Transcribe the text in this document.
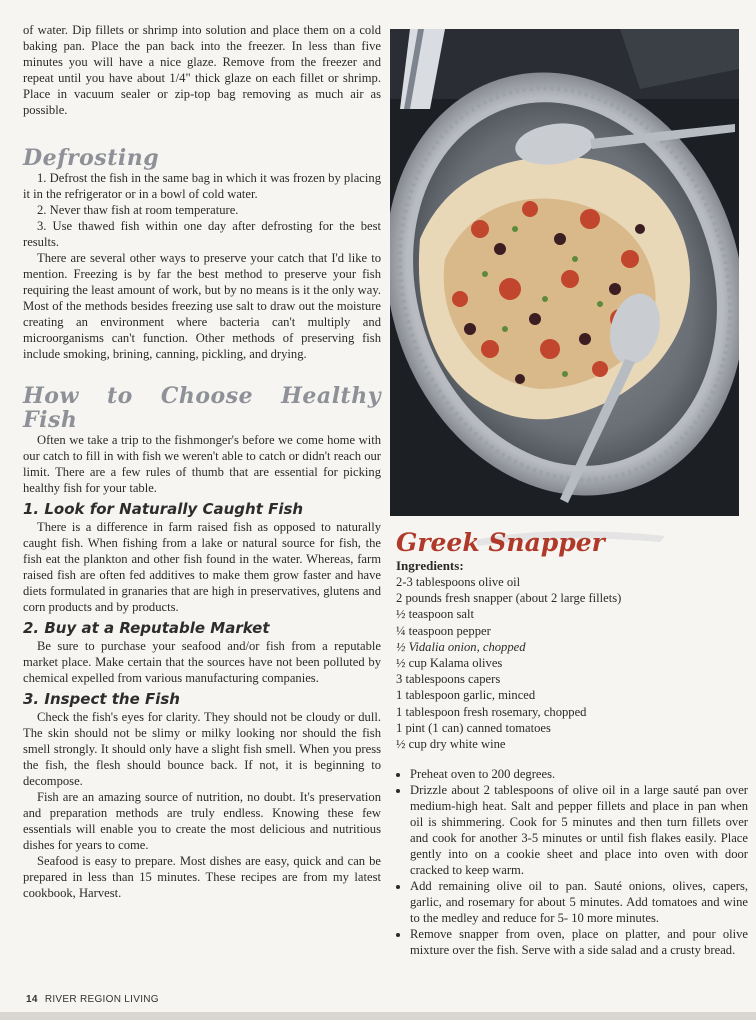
of water. Dip fillets or shrimp into solution and place them on a cold baking pan. Place the pan back into the freezer. In less than five minutes you will have a nice glaze. Remove from the freezer and repeat until you have about 1/4" thick glaze on each fillet or shrimp. Place in vacuum sealer or zip-top bag removing as much air as possible.

Defrosting

1. Defrost the fish in the same bag in which it was frozen by placing it in the refrigerator or in a bowl of cold water.

2. Never thaw fish at room temperature.

3. Use thawed fish within one day after defrosting for the best results.

There are several other ways to preserve your catch that I'd like to mention. Freezing is by far the best method to preserve your fish requiring the least amount of work, but by no means is it the only way. Most of the methods besides freezing use salt to draw out the moisture creating an environment where bacteria can't multiply and microorganisms can't function. Other methods of preserving fish include smoking, brining, canning, pickling, and drying.

How to Choose Healthy Fish

Often we take a trip to the fishmonger's before we come home with our catch to fill in with fish we weren't able to catch or didn't reach our limit. There are a few rules of thumb that are essential for picking healthy fish for your table.

1. Look for Naturally Caught Fish

There is a difference in farm raised fish as opposed to naturally caught fish. When fishing from a lake or natural source for fish, the fish eat the plankton and other fish found in the water. Whereas, farm raised fish are often fed additives to make them grow faster and have diets formulated in granaries that are high in preservatives, glutens and corn products and by products.

2. Buy at a Reputable Market

Be sure to purchase your seafood and/or fish from a reputable market place. Make certain that the sources have not been polluted by chemical expelled from various manufacturing companies.

3. Inspect the Fish

Check the fish's eyes for clarity. They should not be cloudy or dull. The skin should not be slimy or milky looking nor should the fish smell strongly. It should only have a slight fish smell. When you press the fish, the flesh should bounce back. If not, it is beginning to decompose.

Fish are an amazing source of nutrition, no doubt. It's preservation and preparation methods are truly endless. Knowing these few essentials will enable you to create the most delicious and nutritious dishes for years to come.

Seafood is easy to prepare. Most dishes are easy, quick and can be prepared in less than 15 minutes. These recipes are from my latest cookbook, Harvest.

Greek Snapper

Ingredients:

2-3 tablespoons olive oil
2 pounds fresh snapper (about 2 large fillets)
½ teaspoon salt
¼ teaspoon pepper
½ Vidalia onion, chopped
½ cup Kalama olives
3 tablespoons capers
1 tablespoon garlic, minced
1 tablespoon fresh rosemary, chopped
1 pint (1 can) canned tomatoes
½ cup dry white wine
• Preheat oven to 200 degrees.
• Drizzle about 2 tablespoons of olive oil in a large sauté pan over medium-high heat. Salt and pepper fillets and place in pan when oil is shimmering. Cook for 5 minutes and then turn fillets over and cook for another 3-5 minutes or until fish flakes easily. Place gently into on a cookie sheet and place into oven with door cracked to keep warm.
• Add remaining olive oil to pan. Sauté onions, olives, capers, garlic, and rosemary for about 5 minutes. Add tomatoes and wine to the medley and reduce for 5- 10 more minutes.
• Remove snapper from oven, place on platter, and pour olive mixture over the fish. Serve with a side salad and a crusty bread.
14 RIVER REGION LIVING
